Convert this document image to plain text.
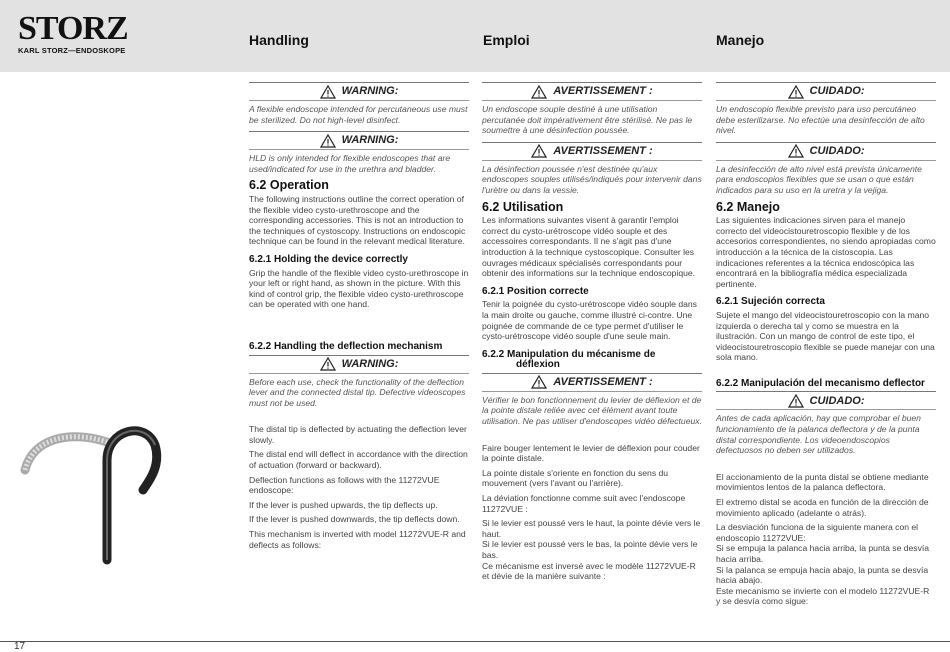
STORZ
KARL STORZ—ENDOSKOPE
Handling	Emploi	Manejo
WARNING:

A flexible endoscope intended for percutaneous use must be sterilized. Do not high-level disinfect.

WARNING:

HLD is only intended for flexible endoscopes that are used/indicated for use in the urethra and bladder.

6.2 Operation

The following instructions outline the correct operation of the flexible video cysto-urethroscope and the corresponding accessories. This is not an introduction to the techniques of cystoscopy. Instructions on endoscopic technique can be found in the relevant medical literature.

6.2.1 Holding the device correctly

Grip the handle of the flexible video cysto-urethroscope in your left or right hand, as shown in the picture. With this kind of control grip, the flexible video cysto-urethroscope can be operated with one hand.

6.2.2 Handling the deflection mechanism
WARNING:

Before each use, check the functionality of the deflection lever and the connected distal tip. Defective videoscopes must not be used.

The distal tip is deflected by actuating the deflection lever slowly.

The distal end will deflect in accordance with the direction of actuation (forward or backward).

Deflection functions as follows with the 11272VUE endoscope:

If the lever is pushed upwards, the tip deflects up.

If the lever is pushed downwards, the tip deflects down.

This mechanism is inverted with model 11272VUE-R and deflects as follows:

AVERTISSEMENT :

Un endoscope souple destiné à une utilisation percutanée doit impérativement être stérilisé. Ne pas le soumettre à une désinfection poussée.

AVERTISSEMENT :

La désinfection poussée n'est destinée qu'aux endoscopes souples utilisés/indiqués pour intervenir dans l'urètre ou dans la vessie.

6.2 Utilisation

Les informations suivantes visent à garantir l'emploi correct du cysto-urétroscope vidéo souple et des accessoires correspondants. Il ne s'agit pas d'une introduction à la technique cystoscopique. Consulter les ouvrages médicaux spécialisés correspondants pour obtenir des informations sur la technique endoscopique.

6.2.1 Position correcte

Tenir la poignée du cysto-urétroscope vidéo souple dans la main droite ou gauche, comme illustré ci-contre. Une poignée de commande de ce type permet d'utiliser le cysto-urétroscope vidéo souple d'une seule main.

6.2.2 Manipulation du mécanisme de déflexion
AVERTISSEMENT :

Vérifier le bon fonctionnement du levier de déflexion et de la pointe distale reliée avec cet élément avant toute utilisation. Ne pas utiliser d'endoscopes vidéo défectueux.

Faire bouger lentement le levier de déflexion pour couder la pointe distale.

La pointe distale s'oriente en fonction du sens du mouvement (vers l'avant ou l'arrière).

La déviation fonctionne comme suit avec l'endoscope 11272VUE :

Si le levier est poussé vers le haut, la pointe dévie vers le haut.

Si le levier est poussé vers le bas, la pointe dévie vers le bas.

Ce mécanisme est inversé avec le modèle 11272VUE-R et dévie de la manière suivante :

CUIDADO:

Un endoscopio flexible previsto para uso percutáneo debe esterilizarse. No efectúe una desinfección de alto nivel.

CUIDADO:

La desinfección de alto nivel está prevista únicamente para endoscopios flexibles que se usan o que están indicados para su uso en la uretra y la vejiga.

6.2 Manejo

Las siguientes indicaciones sirven para el manejo correcto del videocistouretroscopio flexible y de los accesorios correspondientes, no siendo apropiadas como introducción a la técnica de la cistoscopia. Las indicaciones referentes a la técnica endoscópica las encontrará en la bibliografía médica especializada pertinente.

6.2.1 Sujeción correcta

Sujete el mango del videocistouretroscopio con la mano izquierda o derecha tal y como se muestra en la ilustración. Con un mango de control de este tipo, el videocistouretroscopio flexible se puede manejar con una sola mano.

6.2.2 Manipulación del mecanismo deflector
CUIDADO:

Antes de cada aplicación, hay que comprobar el buen funcionamiento de la palanca deflectora y de la punta distal correspondiente. Los videoendoscopios defectuosos no deben ser utilizados.

El accionamiento de la punta distal se obtiene mediante movimientos lentos de la palanca deflectora.

El extremo distal se acoda en función de la dirección de movimiento aplicado (adelante o atrás).

La desviación funciona de la siguiente manera con el endoscopio 11272VUE:

Si se empuja la palanca hacia arriba, la punta se desvía hacia arriba.

Si la palanca se empuja hacia abajo, la punta se desvía hacia abajo.

Este mecanismo se invierte con el modelo 11272VUE-R y se desvía como sigue:

17
